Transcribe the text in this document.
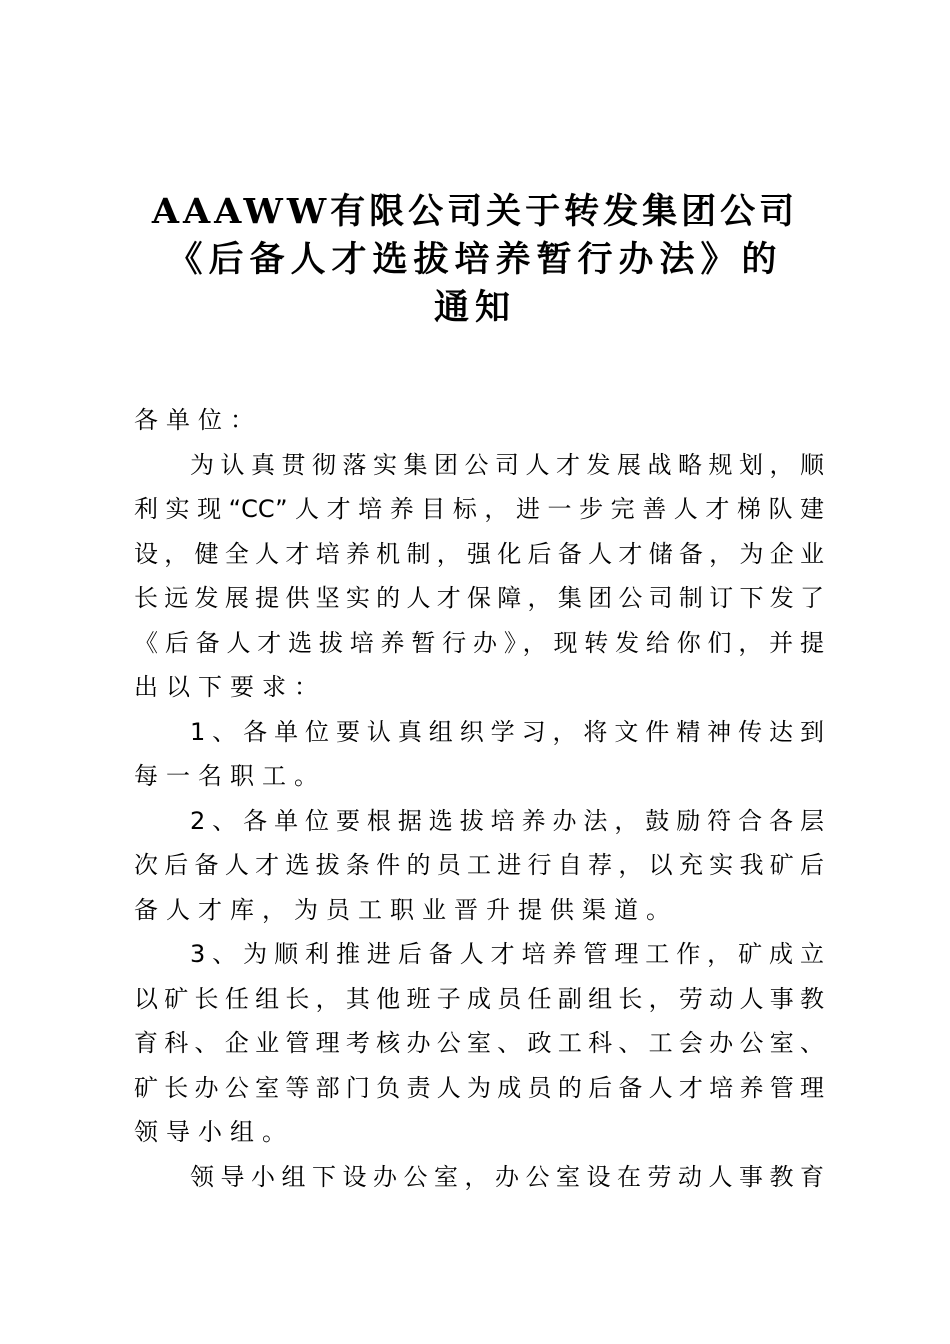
AAAWW有限公司关于转发集团公司
《后备人才选拔培养暂行办法》的
通知
各单位：
为认真贯彻落实集团公司人才发展战略规划，顺
利实现“CC”人才培养目标，进一步完善人才梯队建
设，健全人才培养机制，强化后备人才储备，为企业
长远发展提供坚实的人才保障，集团公司制订下发了
《后备人才选拔培养暂行办》，现转发给你们，并提
出以下要求：
1、各单位要认真组织学习，将文件精神传达到
每一名职工。
2、各单位要根据选拔培养办法，鼓励符合各层
次后备人才选拔条件的员工进行自荐，以充实我矿后
备人才库，为员工职业晋升提供渠道。
3、为顺利推进后备人才培养管理工作，矿成立
以矿长任组长，其他班子成员任副组长，劳动人事教
育科、企业管理考核办公室、政工科、工会办公室、
矿长办公室等部门负责人为成员的后备人才培养管理
领导小组。
领导小组下设办公室，办公室设在劳动人事教育
